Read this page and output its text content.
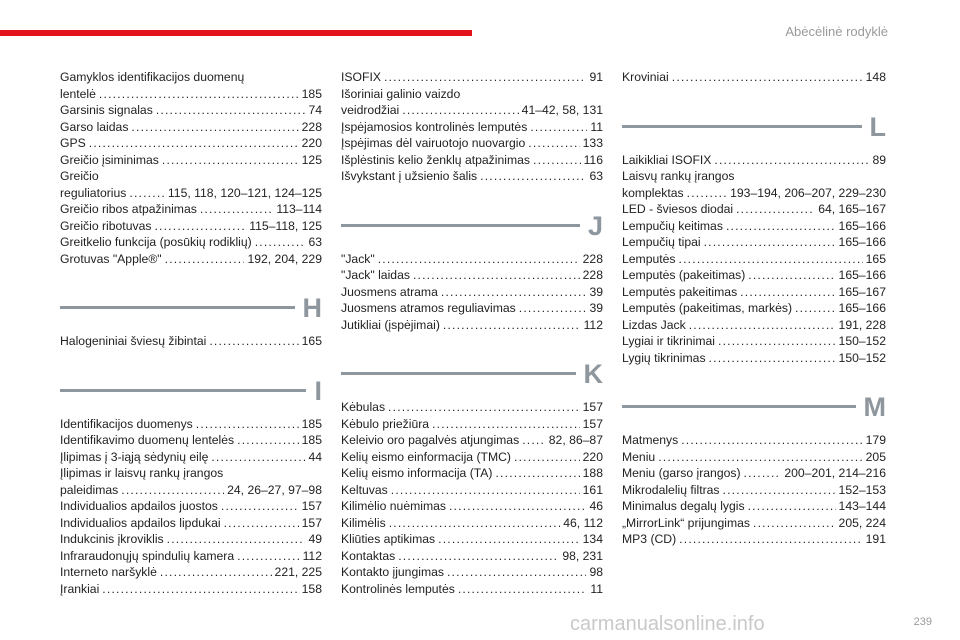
Abėcėlinė rodyklė
Gamyklos identifikacijos duomenų
lentelė . . .	185
Garsinis signalas . . .	74
Garso laidas . . .	228
GPS . . .	220
Greičio įsiminimas . . .	125
Greičio
reguliatorius . . .	115, 118, 120–121, 124–125
Greičio ribos atpažinimas . . .	113–114
Greičio ribotuvas . . .	115–118, 125
Greitkelio funkcija (posūkių rodiklių) . . .	63
Grotuvas "Apple®" . . .	192, 204, 229
H
Halogeniniai šviesų žibintai . . .	165
I
Identifikacijos duomenys . . .	185
Identifikavimo duomenų lentelės . . .	185
Įlipimas į 3-iąją sėdynių eilę . . .	44
Įlipimas ir laisvų rankų įrangos
paleidimas . . .	24, 26–27, 97–98
Individualios apdailos juostos . . .	157
Individualios apdailos lipdukai . . .	157
Indukcinis įkroviklis . . .	49
Infraraudonųjų spindulių kamera . . .	112
Interneto naršyklė . . .	221, 225
Įrankiai . . .	158
ISOFIX . . .	91
Išoriniai galinio vaizdo
veidrodžiai . . .	41–42, 58, 131
Įspėjamosios kontrolinės lemputės . . .	11
Įspėjimas dėl vairuotojo nuovargio . . .	133
Išplėstinis kelio ženklų atpažinimas . . .	116
Išvykstant į užsienio šalis . . .	63
J
"Jack" . . .	228
"Jack" laidas . . .	228
Juosmens atrama . . .	39
Juosmens atramos reguliavimas . . .	39
Jutikliai (įspėjimai) . . .	112
K
Kėbulas . . .	157
Kėbulo priežiūra . . .	157
Keleivio oro pagalvės atjungimas . . . 82, 86–87
Kelių eismo einformacija (TMC) . . .	220
Kelių eismo informacija (TA) . . .	188
Keltuvas . . .	161
Kilimėlio nuėmimas . . .	46
Kilimėlis . . .	46, 112
Kliūties aptikimas . . .	134
Kontaktas . . .	98, 231
Kontakto įjungimas . . .	98
Kontrolinės lemputės . . .	11
Kroviniai . . .	148
L
Laikikliai ISOFIX . . .	89
Laisvų rankų įrangos
komplektas . . .	193–194, 206–207, 229–230
LED - šviesos diodai . . .	64, 165–167
Lempučių keitimas . . .	165–166
Lempučių tipai . . .	165–166
Lemputės . . .	165
Lemputės (pakeitimas) . . .	165–166
Lemputės pakeitimas . . .	165–167
Lemputės (pakeitimas, markės) . . .	165–166
Lizdas Jack . . .	191, 228
Lygiai ir tikrinimai . . .	150–152
Lygių tikrinimas . . .	150–152
M
Matmenys . . .	179
Meniu . . .	205
Meniu (garso įrangos) . . .	200–201, 214–216
Mikrodalelių filtras . . .	152–153
Minimalus degalų lygis . . .	143–144
„MirrorLink“ prijungimas . . .	205, 224
MP3 (CD) . . .	191
carmanualsonline.info	239
